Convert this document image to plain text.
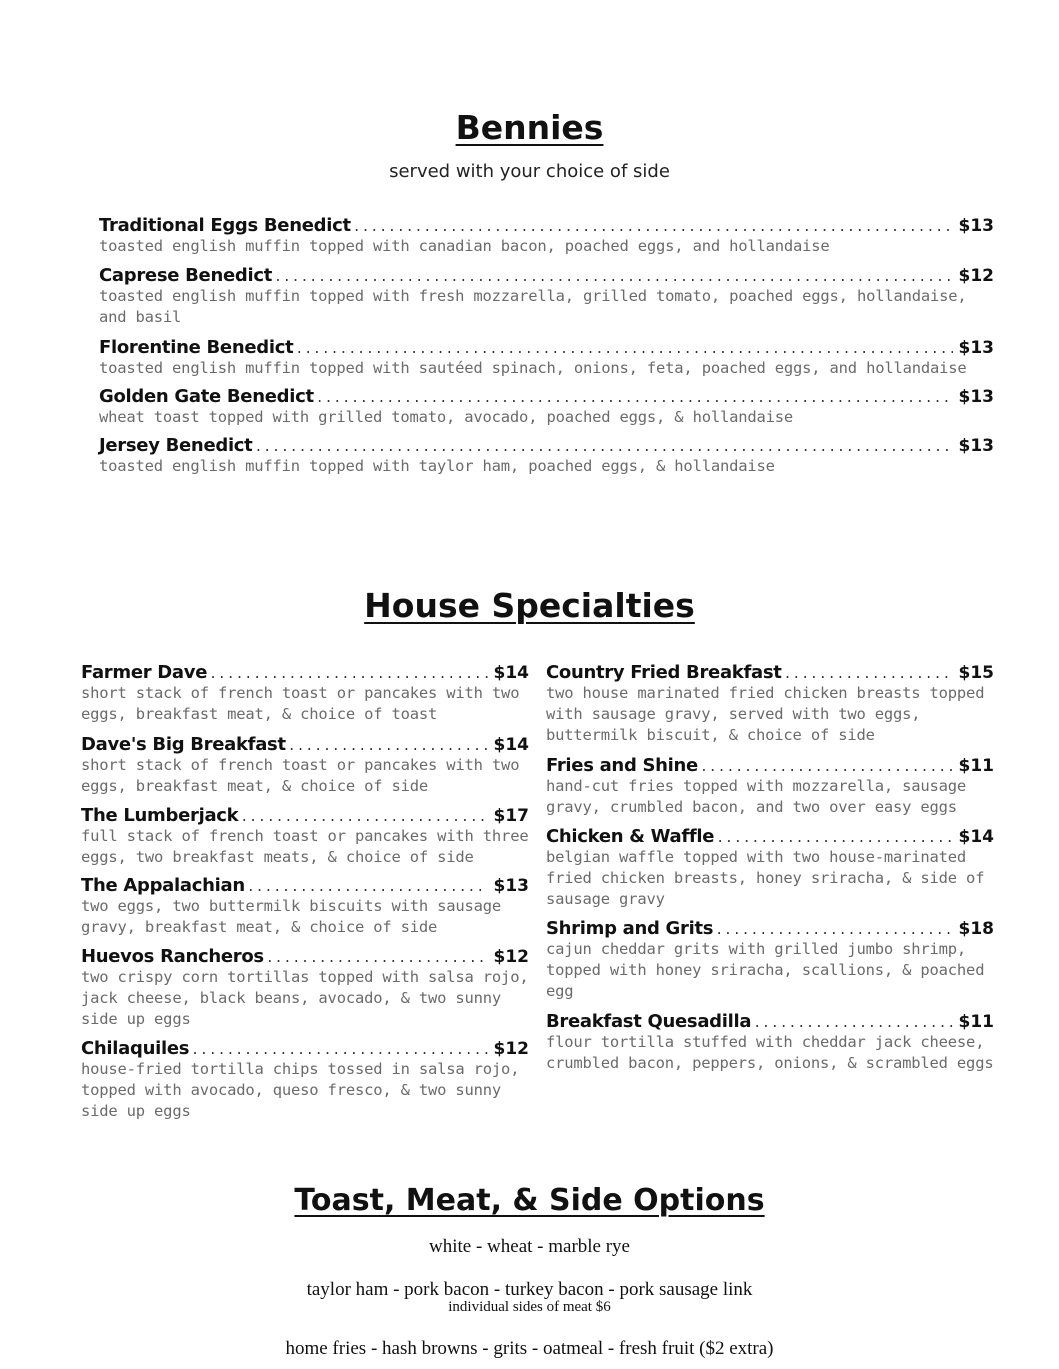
Bennies
served with your choice of side
Traditional Eggs Benedict .....	$13
toasted english muffin topped with canadian bacon, poached eggs, and hollandaise
Caprese Benedict .....	$12
toasted english muffin topped with fresh mozzarella, grilled tomato, poached eggs, hollandaise, and basil
Florentine Benedict .....	$13
toasted english muffin topped with sautéed spinach, onions, feta, poached eggs, and hollandaise
Golden Gate Benedict .....	$13
wheat toast topped with grilled tomato, avocado, poached eggs, & hollandaise
Jersey Benedict .....	$13
toasted english muffin topped with taylor ham, poached eggs, & hollandaise
House Specialties
Farmer Dave .....	$14
short stack of french toast or pancakes with two eggs, breakfast meat, & choice of toast
Dave's Big Breakfast .....	$14
short stack of french toast or pancakes with two eggs, breakfast meat, & choice of side
The Lumberjack .....	$17
full stack of french toast or pancakes with three eggs, two breakfast meats, & choice of side
The Appalachian .....	$13
two eggs, two buttermilk biscuits with sausage gravy, breakfast meat, & choice of side
Huevos Rancheros .....	$12
two crispy corn tortillas topped with salsa rojo, jack cheese, black beans, avocado, & two sunny side up eggs
Chilaquiles .....	$12
house-fried tortilla chips tossed in salsa rojo, topped with avocado, queso fresco, & two sunny side up eggs
Country Fried Breakfast .....	$15
two house marinated fried chicken breasts topped with sausage gravy, served with two eggs, buttermilk biscuit, & choice of side
Fries and Shine .....	$11
hand-cut fries topped with mozzarella, sausage gravy, crumbled bacon, and two over easy eggs
Chicken & Waffle .....	$14
belgian waffle topped with two house-marinated fried chicken breasts, honey sriracha, & side of sausage gravy
Shrimp and Grits .....	$18
cajun cheddar grits with grilled jumbo shrimp, topped with honey sriracha, scallions, & poached egg
Breakfast Quesadilla .....	$11
flour tortilla stuffed with cheddar jack cheese, crumbled bacon, peppers, onions, & scrambled eggs
Toast, Meat, & Side Options
white - wheat - marble rye
taylor ham - pork bacon - turkey bacon - pork sausage link
individual sides of meat $6
home fries - hash browns - grits - oatmeal - fresh fruit ($2 extra)
